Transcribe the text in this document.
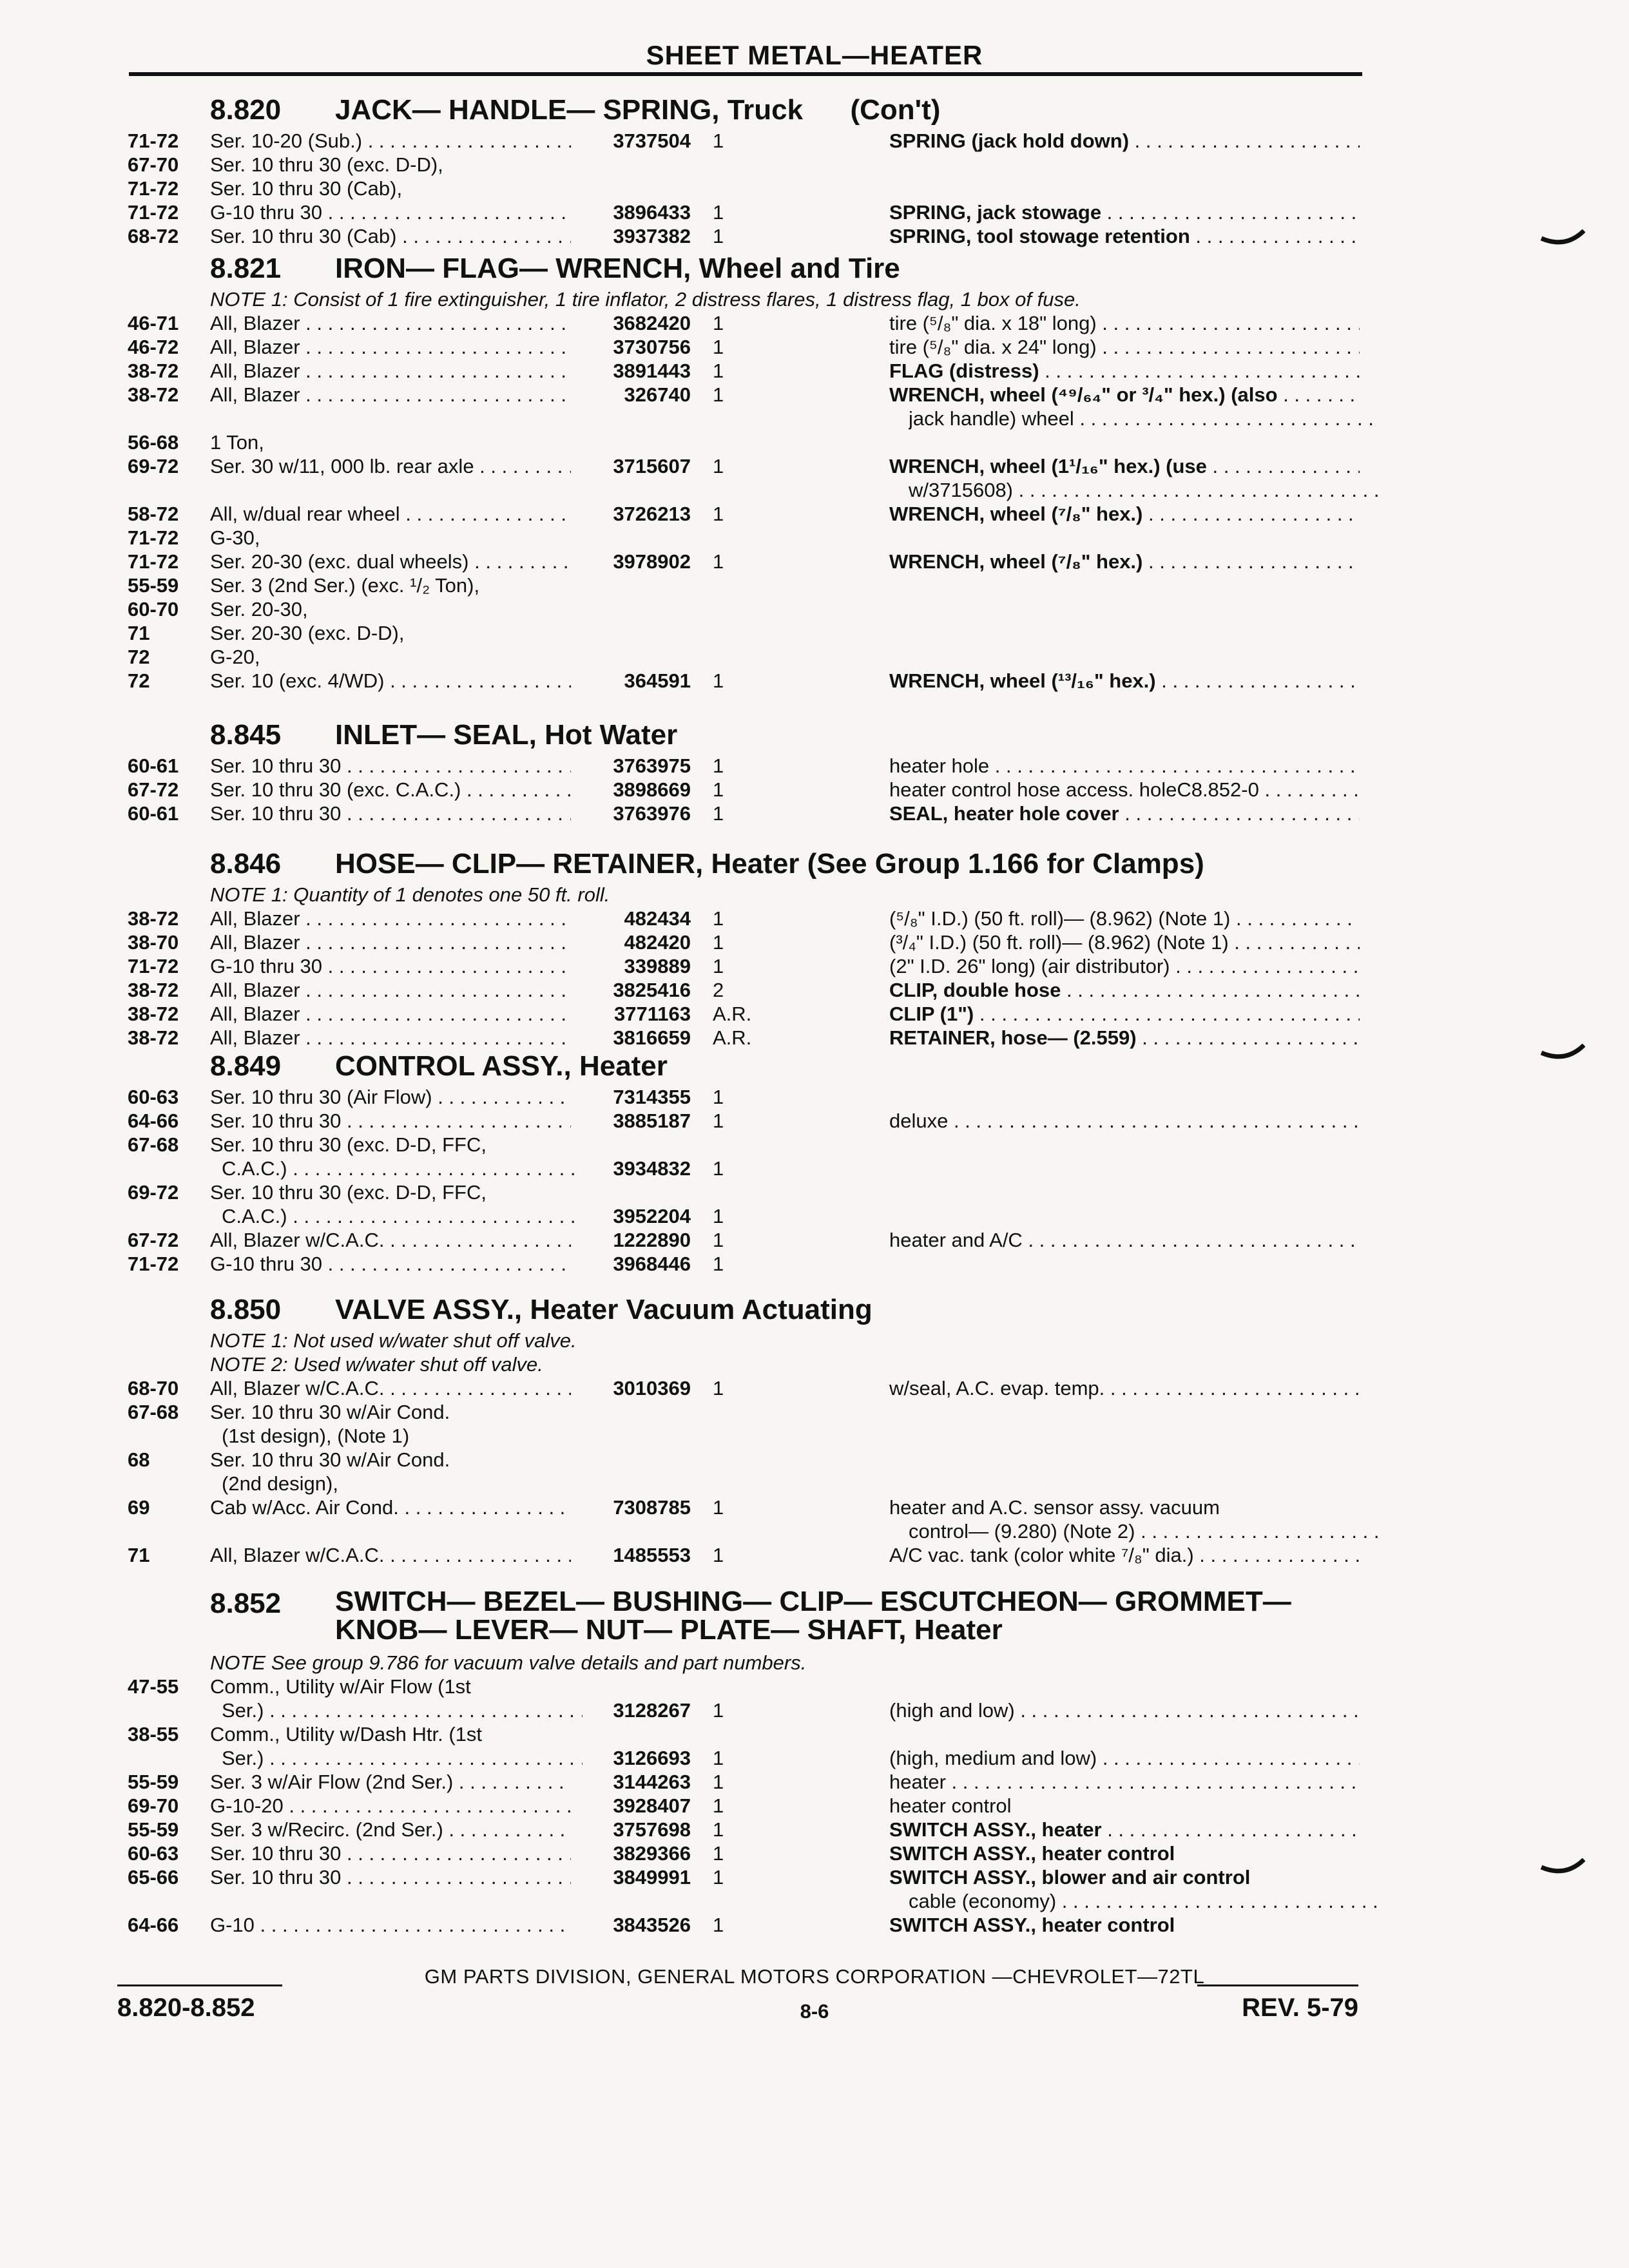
SHEET METAL—HEATER
8.820 JACK— HANDLE— SPRING, Truck      (Con't)
71-72 Ser. 10-20 (Sub.) . . .	3737504 1	SPRING (jack hold down) . . .
67-70 Ser. 10 thru 30 (exc. D-D),
71-72 Ser. 10 thru 30 (Cab),
71-72 G-10 thru 30 . . .	3896433 1	SPRING, jack stowage . . .
68-72 Ser. 10 thru 30 (Cab) . . .	3937382 1	SPRING, tool stowage retention . . .
8.821 IRON— FLAG— WRENCH, Wheel and Tire
NOTE 1: Consist of 1 fire extinguisher, 1 tire inflator, 2 distress flares, 1 distress flag, 1 box of fuse.
46-71 All, Blazer . . .	3682420 1	tire (⁵/₈" dia. x 18" long) . . .
46-72 All, Blazer . . .	3730756 1	tire (⁵/₈" dia. x 24" long) . . .
38-72 All, Blazer . . .	3891443 1	FLAG (distress) . . .
38-72 All, Blazer . . .	326740 1	WRENCH, wheel (⁴⁹/₆₄" or ³/₄" hex.) (also . . .
jack handle) wheel . . .
56-68 1 Ton,
69-72 Ser. 30 w/11, 000 lb. rear axle . . .	3715607 1	WRENCH, wheel (1¹/₁₆" hex.) (use . . .
w/3715608) . . .
58-72 All, w/dual rear wheel . . .	3726213 1	WRENCH, wheel (⁷/₈" hex.) . . .
71-72 G-30,
71-72 Ser. 20-30 (exc. dual wheels) . . .	3978902 1	WRENCH, wheel (⁷/₈" hex.) . . .
55-59 Ser. 3 (2nd Ser.) (exc. ¹/₂ Ton),
60-70 Ser. 20-30,
71	Ser. 20-30 (exc. D-D),
72	G-20,
72	Ser. 10 (exc. 4/WD) . . .	364591 1	WRENCH, wheel (¹³/₁₆" hex.) . . .
8.845 INLET— SEAL, Hot Water
60-61 Ser. 10 thru 30 . . .	3763975 1	heater hole . . .
67-72 Ser. 10 thru 30 (exc. C.A.C.) . . .	3898669 1	heater control hose access. holeC8.852-0 . . .
60-61 Ser. 10 thru 30 . . .	3763976 1	SEAL, heater hole cover . . .
8.846 HOSE— CLIP— RETAINER, Heater (See Group 1.166 for Clamps)
NOTE 1: Quantity of 1 denotes one 50 ft. roll.
38-72 All, Blazer . . .	482434 1	(⁵/₈" I.D.) (50 ft. roll)— (8.962) (Note 1) . . .
38-70 All, Blazer . . .	482420 1	(³/₄" I.D.) (50 ft. roll)— (8.962) (Note 1) . . .
71-72 G-10 thru 30 . . .	339889 1	(2" I.D. 26" long) (air distributor) . . .
38-72 All, Blazer . . .	3825416 2	CLIP, double hose . . .
38-72 All, Blazer . . .	3771163 A.R.	CLIP (1") . . .
38-72 All, Blazer . . .	3816659 A.R.	RETAINER, hose— (2.559) . . .
8.849 CONTROL ASSY., Heater
60-63 Ser. 10 thru 30 (Air Flow) . . .	7314355 1
64-66 Ser. 10 thru 30 . . .	3885187 1	deluxe . . .
67-68 Ser. 10 thru 30 (exc. D-D, FFC,
C.A.C.) . . .	3934832 1
69-72 Ser. 10 thru 30 (exc. D-D, FFC,
C.A.C.) . . .	3952204 1
67-72 All, Blazer w/C.A.C. . . .	1222890 1	heater and A/C . . .
71-72 G-10 thru 30 . . .	3968446 1
8.850 VALVE ASSY., Heater Vacuum Actuating
NOTE 1: Not used w/water shut off valve.
NOTE 2: Used w/water shut off valve.
68-70 All, Blazer w/C.A.C. . . .	3010369 1	w/seal, A.C. evap. temp. . . .
67-68 Ser. 10 thru 30 w/Air Cond.
(1st design), (Note 1)
68	Ser. 10 thru 30 w/Air Cond.
(2nd design),
69	Cab w/Acc. Air Cond. . . .	7308785 1	heater and A.C. sensor assy. vacuum
control— (9.280) (Note 2) . . .
71	All, Blazer w/C.A.C. . . .	1485553 1	A/C vac. tank (color white ⁷/₈" dia.) . . .
8.852 SWITCH— BEZEL— BUSHING— CLIP— ESCUTCHEON— GROMMET—
KNOB— LEVER— NUT— PLATE— SHAFT, Heater
NOTE See group 9.786 for vacuum valve details and part numbers.
47-55 Comm., Utility w/Air Flow (1st
Ser.) . . .	3128267 1	(high and low) . . .
38-55 Comm., Utility w/Dash Htr. (1st
Ser.) . . .	3126693 1	(high, medium and low) . . .
55-59 Ser. 3 w/Air Flow (2nd Ser.) . . .	3144263 1	heater . . .
69-70 G-10-20 . . .	3928407 1	heater control
55-59 Ser. 3 w/Recirc. (2nd Ser.) . . .	3757698 1	SWITCH ASSY., heater . . .
60-63 Ser. 10 thru 30 . . .	3829366 1	SWITCH ASSY., heater control
65-66 Ser. 10 thru 30 . . .	3849991 1	SWITCH ASSY., blower and air control
cable (economy) . . .
64-66 G-10 . . .	3843526 1	SWITCH ASSY., heater control
GM PARTS DIVISION, GENERAL MOTORS CORPORATION —CHEVROLET—72TL
8.820-8.852	8-6	REV. 5-79
